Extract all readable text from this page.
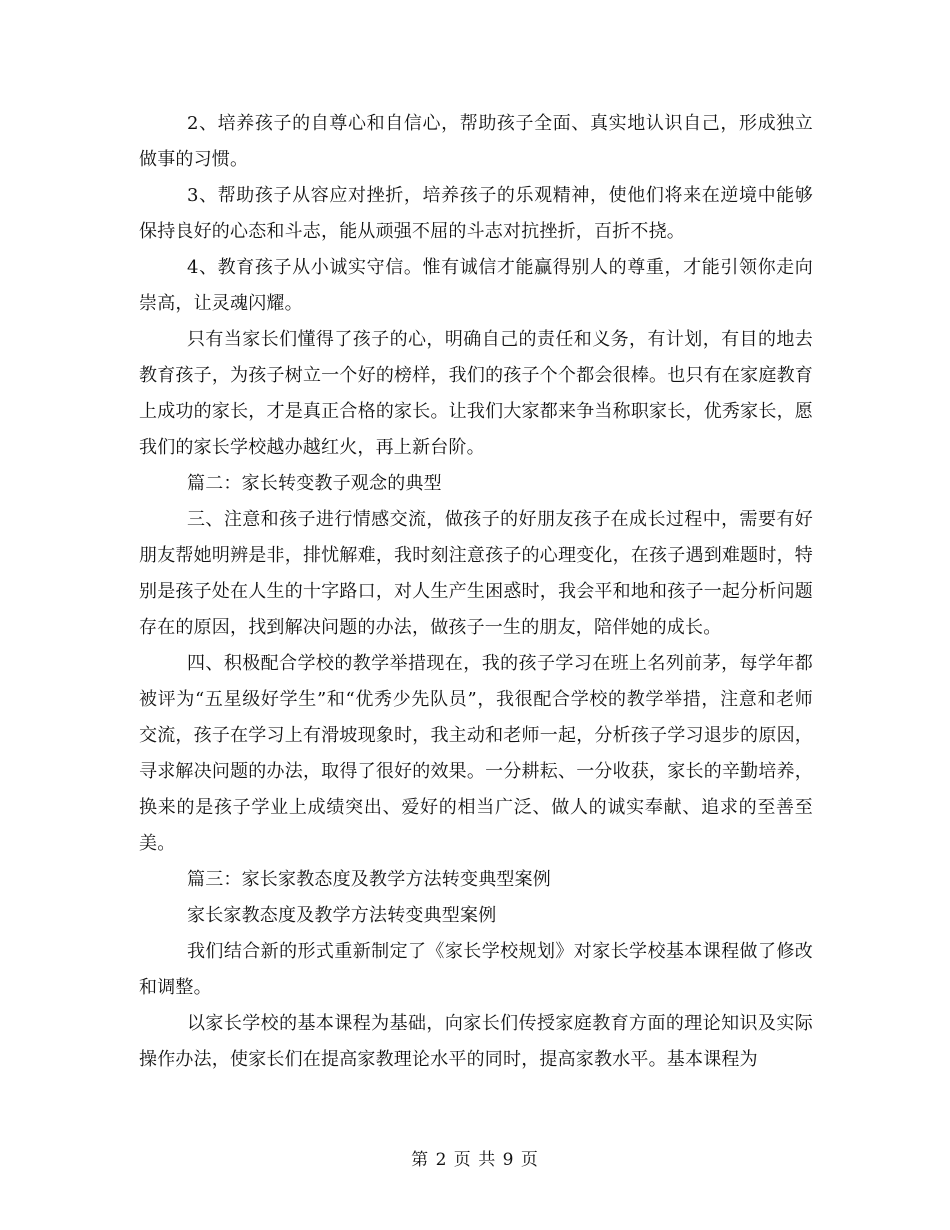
2、培养孩子的自尊心和自信心，帮助孩子全面、真实地认识自己，形成独立做事的习惯。

3、帮助孩子从容应对挫折，培养孩子的乐观精神，使他们将来在逆境中能够保持良好的心态和斗志，能从顽强不屈的斗志对抗挫折，百折不挠。

4、教育孩子从小诚实守信。惟有诚信才能赢得别人的尊重，才能引领你走向崇高，让灵魂闪耀。

只有当家长们懂得了孩子的心，明确自己的责任和义务，有计划，有目的地去教育孩子，为孩子树立一个好的榜样，我们的孩子个个都会很棒。也只有在家庭教育上成功的家长，才是真正合格的家长。让我们大家都来争当称职家长，优秀家长，愿我们的家长学校越办越红火，再上新台阶。

篇二：家长转变教子观念的典型

三、注意和孩子进行情感交流，做孩子的好朋友孩子在成长过程中，需要有好朋友帮她明辨是非，排忧解难，我时刻注意孩子的心理变化，在孩子遇到难题时，特别是孩子处在人生的十字路口，对人生产生困惑时，我会平和地和孩子一起分析问题存在的原因，找到解决问题的办法，做孩子一生的朋友，陪伴她的成长。

四、积极配合学校的教学举措现在，我的孩子学习在班上名列前茅，每学年都被评为“五星级好学生”和“优秀少先队员”，我很配合学校的教学举措，注意和老师交流，孩子在学习上有滑坡现象时，我主动和老师一起，分析孩子学习退步的原因，寻求解决问题的办法，取得了很好的效果。一分耕耘、一分收获，家长的辛勤培养，换来的是孩子学业上成绩突出、爱好的相当广泛、做人的诚实奉献、追求的至善至美。

篇三：家长家教态度及教学方法转变典型案例

家长家教态度及教学方法转变典型案例

我们结合新的形式重新制定了《家长学校规划》对家长学校基本课程做了修改和调整。

以家长学校的基本课程为基础，向家长们传授家庭教育方面的理论知识及实际操作办法，使家长们在提高家教理论水平的同时，提高家教水平。基本课程为

第 2 页 共 9 页
